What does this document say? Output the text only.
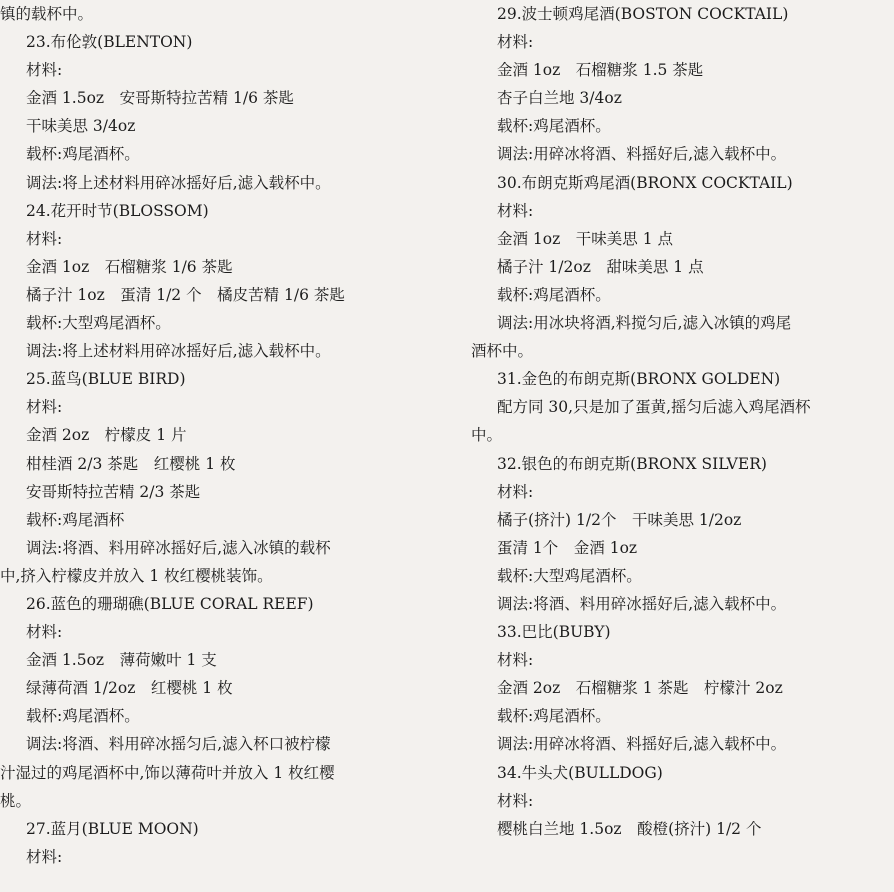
镇的载杯中。
23.布伦敦(BLENTON)
材料:
金酒 1.5oz　安哥斯特拉苦精 1/6 茶匙
干味美思 3/4oz
载杯:鸡尾酒杯。
调法:将上述材料用碎冰摇好后,滤入载杯中。
24.花开时节(BLOSSOM)
材料:
金酒 1oz　石榴糖浆 1/6 茶匙
橘子汁 1oz　蛋清 1/2 个　橘皮苦精 1/6 茶匙
载杯:大型鸡尾酒杯。
调法:将上述材料用碎冰摇好后,滤入载杯中。
25.蓝鸟(BLUE BIRD)
材料:
金酒 2oz　柠檬皮 1 片
柑桂酒 2/3 茶匙　红樱桃 1 枚
安哥斯特拉苦精 2/3 茶匙
载杯:鸡尾酒杯
调法:将酒、料用碎冰摇好后,滤入冰镇的载杯
中,挤入柠檬皮并放入 1 枚红樱桃装饰。
26.蓝色的珊瑚礁(BLUE CORAL REEF)
材料:
金酒 1.5oz　薄荷嫩叶 1 支
绿薄荷酒 1/2oz　红樱桃 1 枚
载杯:鸡尾酒杯。
调法:将酒、料用碎冰摇匀后,滤入杯口被柠檬
汁湿过的鸡尾酒杯中,饰以薄荷叶并放入 1 枚红樱
桃。
27.蓝月(BLUE MOON)
材料:
29.波士顿鸡尾酒(BOSTON COCKTAIL)
材料:
金酒 1oz　石榴糖浆 1.5 茶匙
杏子白兰地 3/4oz
载杯:鸡尾酒杯。
调法:用碎冰将酒、料摇好后,滤入载杯中。
30.布朗克斯鸡尾酒(BRONX COCKTAIL)
材料:
金酒 1oz　干味美思 1 点
橘子汁 1/2oz　甜味美思 1 点
载杯:鸡尾酒杯。
调法:用冰块将酒,料搅匀后,滤入冰镇的鸡尾
酒杯中。
31.金色的布朗克斯(BRONX GOLDEN)
配方同 30,只是加了蛋黄,摇匀后滤入鸡尾酒杯
中。
32.银色的布朗克斯(BRONX SILVER)
材料:
橘子(挤汁) 1/2个　干味美思 1/2oz
蛋清 1个　金酒 1oz
载杯:大型鸡尾酒杯。
调法:将酒、料用碎冰摇好后,滤入载杯中。
33.巴比(BUBY)
材料:
金酒 2oz　石榴糖浆 1 茶匙　柠檬汁 2oz
载杯:鸡尾酒杯。
调法:用碎冰将酒、料摇好后,滤入载杯中。
34.牛头犬(BULLDOG)
材料:
樱桃白兰地 1.5oz　酸橙(挤汁) 1/2 个
